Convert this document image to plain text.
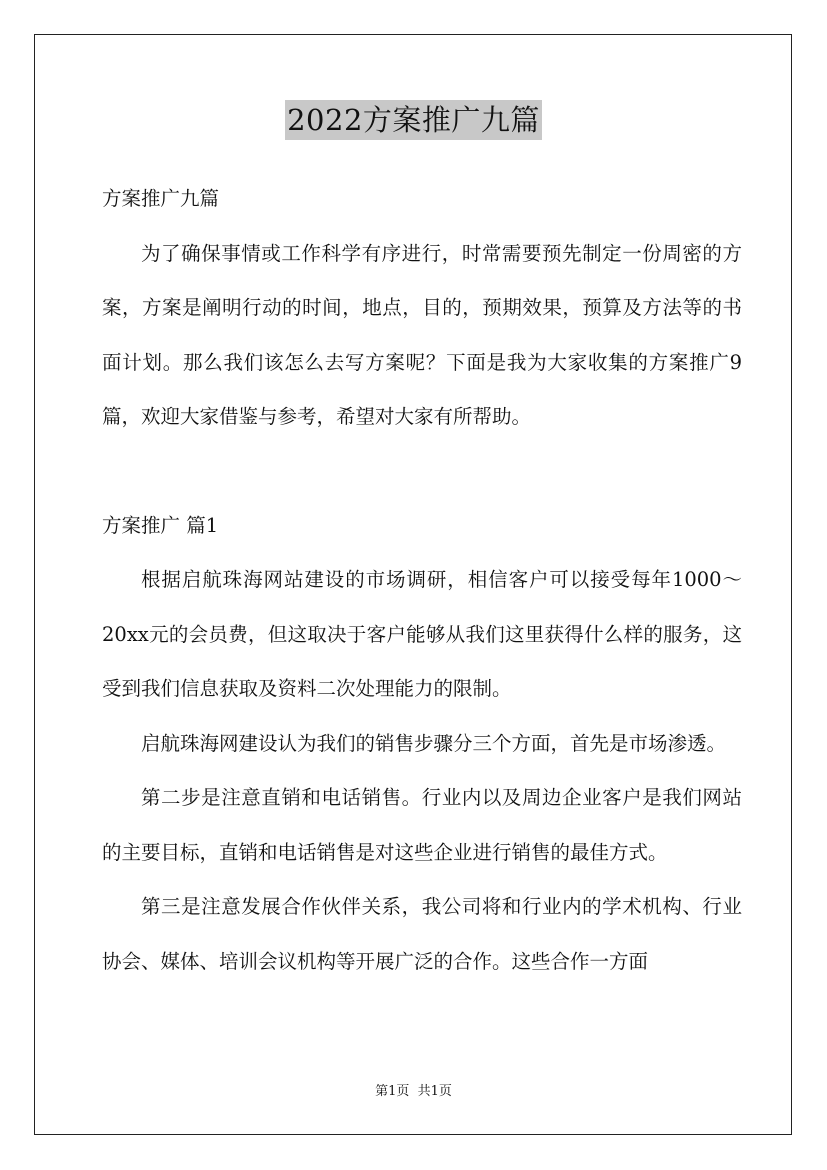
2022方案推广九篇

方案推广九篇

为了确保事情或工作科学有序进行，时常需要预先制定一份周密的方案，方案是阐明行动的时间，地点，目的，预期效果，预算及方法等的书面计划。那么我们该怎么去写方案呢？下面是我为大家收集的方案推广9篇，欢迎大家借鉴与参考，希望对大家有所帮助。

方案推广 篇1

根据启航珠海网站建设的市场调研，相信客户可以接受每年1000～20xx元的会员费，但这取决于客户能够从我们这里获得什么样的服务，这受到我们信息获取及资料二次处理能力的限制。

启航珠海网建设认为我们的销售步骤分三个方面，首先是市场渗透。

第二步是注意直销和电话销售。行业内以及周边企业客户是我们网站的主要目标，直销和电话销售是对这些企业进行销售的最佳方式。

第三是注意发展合作伙伴关系，我公司将和行业内的学术机构、行业协会、媒体、培训会议机构等开展广泛的合作。这些合作一方面

第1页  共1页
